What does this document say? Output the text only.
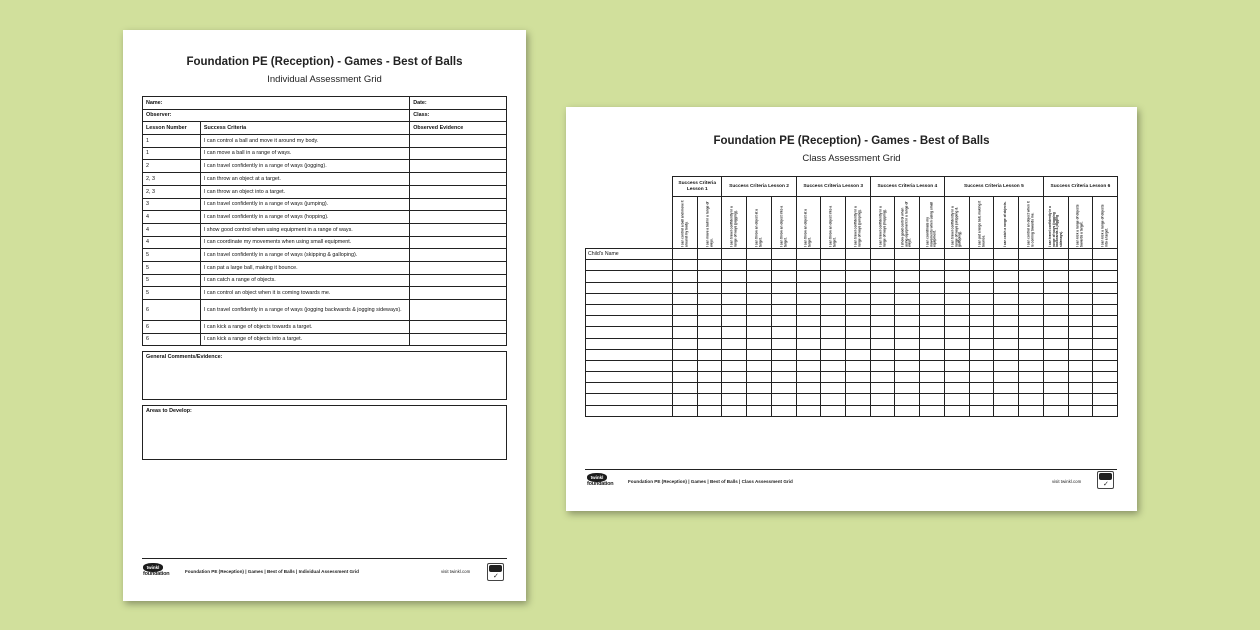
Foundation PE (Reception) - Games - Best of Balls
Individual Assessment Grid
Name:		Date:
Observer:		Class:
Lesson Number	Success Criteria	Observed Evidence
1	I can control a ball and move it around my body.	
1	I can move a ball in a range of ways.	
2	I can travel confidently in a range of ways (jogging).	
2, 3	I can throw an object at a target.	
2, 3	I can throw an object into a target.	
3	I can travel confidently in a range of ways (jumping).	
4	I can travel confidently in a range of ways (hopping).	
4	I show good control when using equipment in a range of ways.	
4	I can coordinate my movements when using small equipment.	
5	I can travel confidently in a range of ways (skipping & galloping).	
5	I can pat a large ball, making it bounce.	
5	I can catch a range of objects.	
5	I can control an object when it is coming towards me.	
6	I can travel confidently in a range of ways (jogging backwards & jogging sideways).	
6	I can kick a range of objects towards a target.	
6	I can kick a range of objects into a target.	
General Comments/Evidence:
Areas to Develop:
twinkl
foundation	Foundation PE (Reception) | Games | Best of Balls | Individual Assessment Grid	visit twinkl.com
✓
Foundation PE (Reception) - Games - Best of Balls
Class Assessment Grid
	Success Criteria Lesson 1		Success Criteria Lesson 2			Success Criteria Lesson 3			Success Criteria Lesson 4			Success Criteria Lesson 5				Success Criteria Lesson 6		

	I can control a ball and move it around my body.	I can move a ball in a range of ways.	I can travel confidently in a range of ways (jogging).	I can throw an object at a target.	I can throw an object into a target.	I can throw an object at a target.	I can throw an object into a target.	I can travel confidently in a range of ways (jumping).	I can travel confidently in a range of ways (hopping).	I show good control when using equipment in a range of ways.	I can coordinate my movements when using small equipment.	I can travel confidently in a range of ways (skipping & galloping).	I can pat a large ball, making it bounce.	I can catch a range of objects.	I can control an object when it is coming towards me.	I can travel confidently in a range of ways (jogging backwards & jogging sideways).	I can kick a range of objects towards a target.	I can kick a range of objects into a target.

Child's Name																		

twinkl
foundation	Foundation PE (Reception) | Games | Best of Balls | Class Assessment Grid	visit twinkl.com	✓
